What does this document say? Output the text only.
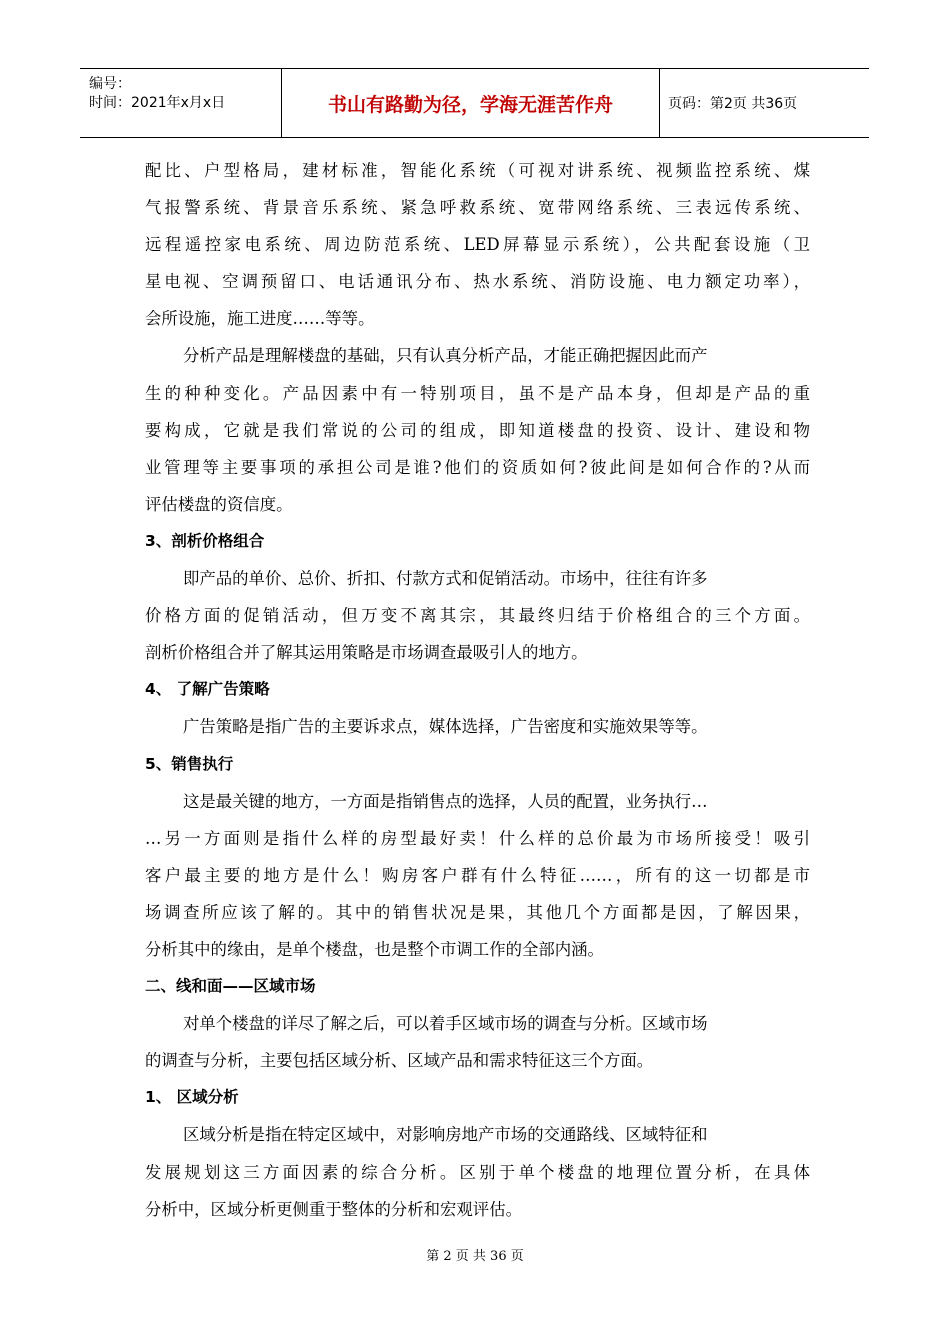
编号：
时间：2021年x月x日	书山有路勤为径，学海无涯苦作舟	页码：第2页 共36页
配比、户型格局，建材标准，智能化系统（可视对讲系统、视频监控系统、煤
气报警系统、背景音乐系统、紧急呼救系统、宽带网络系统、三表远传系统、
远程遥控家电系统、周边防范系统、LED屏幕显示系统），公共配套设施（卫
星电视、空调预留口、电话通讯分布、热水系统、消防设施、电力额定功率），
会所设施，施工进度……等等。
分析产品是理解楼盘的基础，只有认真分析产品，才能正确把握因此而产
生的种种变化。产品因素中有一特别项目，虽不是产品本身，但却是产品的重
要构成，它就是我们常说的公司的组成，即知道楼盘的投资、设计、建设和物
业管理等主要事项的承担公司是谁?他们的资质如何?彼此间是如何合作的?从而
评估楼盘的资信度。
3、剖析价格组合
即产品的单价、总价、折扣、付款方式和促销活动。市场中，往往有许多
价格方面的促销活动，但万变不离其宗，其最终归结于价格组合的三个方面。
剖析价格组合并了解其运用策略是市场调查最吸引人的地方。
4、 了解广告策略
广告策略是指广告的主要诉求点，媒体选择，广告密度和实施效果等等。
5、销售执行
这是最关键的地方，一方面是指销售点的选择，人员的配置，业务执行…
…另一方面则是指什么样的房型最好卖！什么样的总价最为市场所接受！吸引
客户最主要的地方是什么！购房客户群有什么特征……，所有的这一切都是市
场调查所应该了解的。其中的销售状况是果，其他几个方面都是因，了解因果，
分析其中的缘由，是单个楼盘，也是整个市调工作的全部内涵。
二、线和面——区域市场
对单个楼盘的详尽了解之后，可以着手区域市场的调查与分析。区域市场
的调查与分析，主要包括区域分析、区域产品和需求特征这三个方面。
1、 区域分析
区域分析是指在特定区域中，对影响房地产市场的交通路线、区域特征和
发展规划这三方面因素的综合分析。区别于单个楼盘的地理位置分析，在具体
分析中，区域分析更侧重于整体的分析和宏观评估。
第 2 页 共 36 页
